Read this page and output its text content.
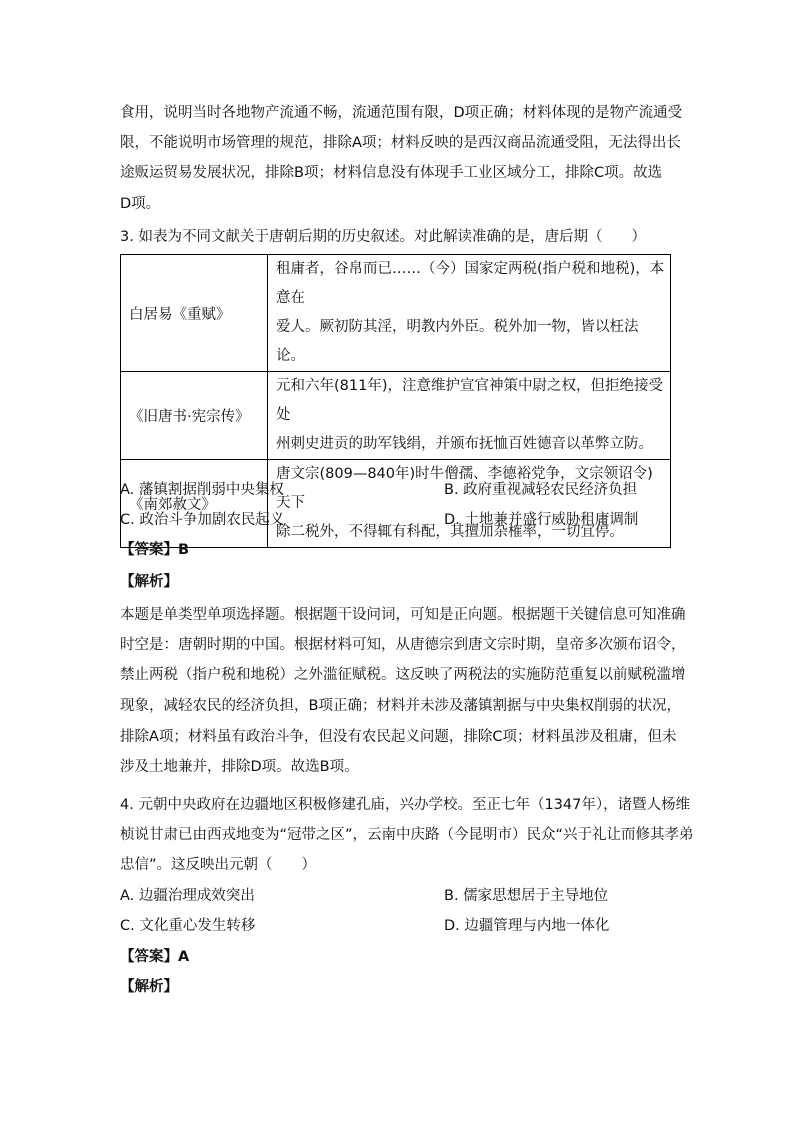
食用，说明当时各地物产流通不畅，流通范围有限，D项正确；材料体现的是物产流通受
限，不能说明市场管理的规范，排除A项；材料反映的是西汉商品流通受阻，无法得出长
途贩运贸易发展状况，排除B项；材料信息没有体现手工业区域分工，排除C项。故选
D项。
3. 如表为不同文献关于唐朝后期的历史叙述。对此解读准确的是，唐后期（　　）
白居易《重赋》	租庸者，谷帛而已……（今）国家定两税(指户税和地税)，本意在
爱人。厥初防其淫，明教内外臣。税外加一物，皆以枉法论。

《旧唐书·宪宗传》	元和六年(811年)，注意维护宣官神策中尉之权，但拒绝接受处
州刺史进贡的助军钱绢，并颁布抚恤百姓德音以革弊立防。

《南郊赦文》	唐文宗(809—840年)时牛僧孺、李德裕党争，文宗领诏令)天下
除二税外，不得辄有科配，其擅加杂榷率，一切宜停。
A. 藩镇割据削弱中央集权	B. 政府重视减轻农民经济负担
C. 政治斗争加剧农民起义	D. 土地兼并盛行威胁租庸调制
【答案】B
【解析】
本题是单类型单项选择题。根据题干设问词，可知是正向题。根据题干关键信息可知准确
时空是：唐朝时期的中国。根据材料可知，从唐德宗到唐文宗时期，皇帝多次颁布诏令，
禁止两税（指户税和地税）之外滥征赋税。这反映了两税法的实施防范重复以前赋税滥增
现象，减轻农民的经济负担，B项正确；材料并未涉及藩镇割据与中央集权削弱的状况，
排除A项；材料虽有政治斗争，但没有农民起义问题，排除C项；材料虽涉及租庸，但未
涉及土地兼并，排除D项。故选B项。
4. 元朝中央政府在边疆地区积极修建孔庙，兴办学校。至正七年（1347年），诸暨人杨维
桢说甘肃已由西戎地变为“冠带之区”，云南中庆路（今昆明市）民众“兴于礼让而修其孝弟
忠信”。这反映出元朝（　　）
A. 边疆治理成效突出	B. 儒家思想居于主导地位
C. 文化重心发生转移	D. 边疆管理与内地一体化
【答案】A
【解析】
